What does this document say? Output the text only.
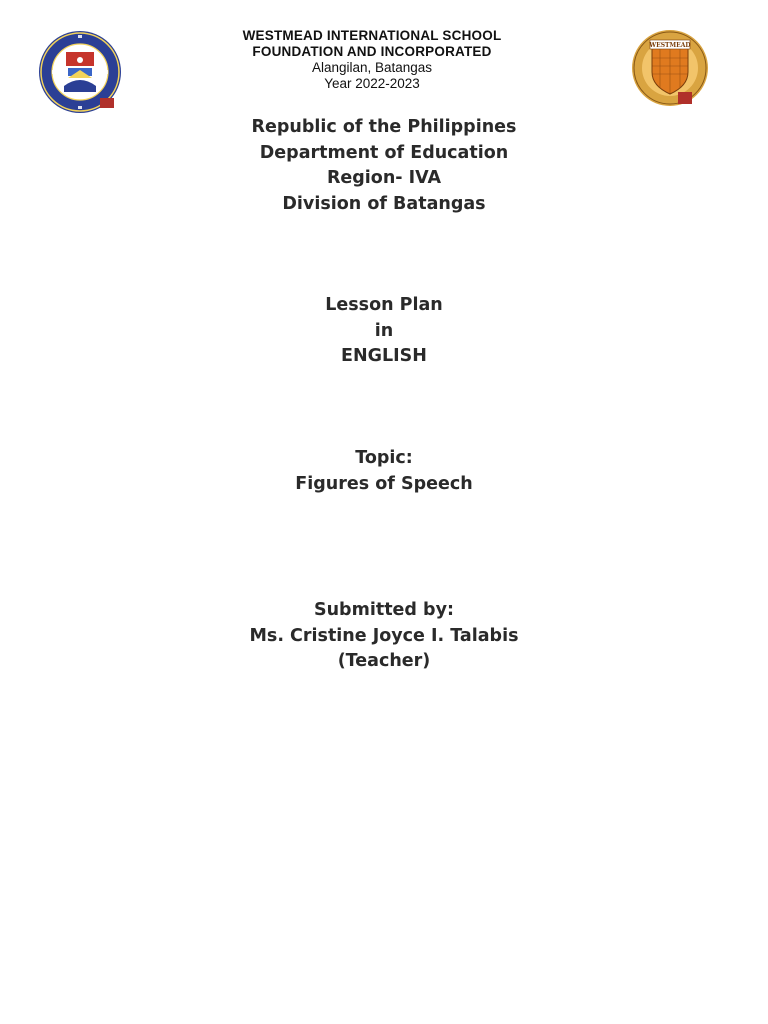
WESTMEAD INTERNATIONAL SCHOOL
FOUNDATION AND INCORPORATED
Alangilan, Batangas
Year 2022-2023
WESTMEAD
Republic of the Philippines
Department of Education
Region- IVA
Division of Batangas
Lesson Plan
in
ENGLISH
Topic:
Figures of Speech
Submitted by:
Ms. Cristine Joyce I. Talabis
(Teacher)
